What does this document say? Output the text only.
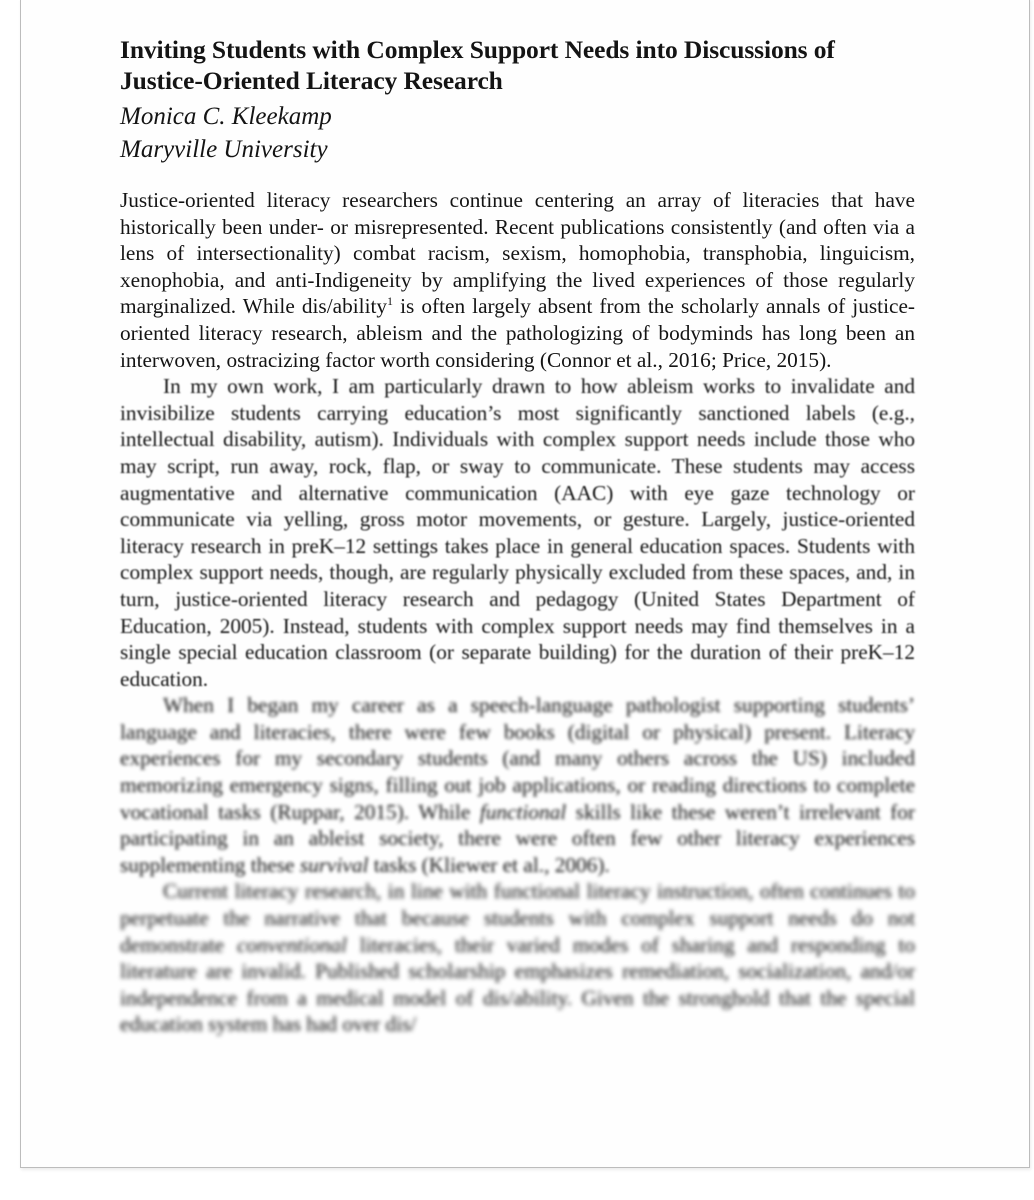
Inviting Students with Complex Support Needs into Discussions of Justice-Oriented Literacy Research

Monica C. Kleekamp

Maryville University

Justice-oriented literacy researchers continue centering an array of literacies that have historically been under- or misrepresented. Recent publications consistently (and often via a lens of intersectionality) combat racism, sexism, homophobia, transphobia, linguicism, xenophobia, and anti-Indigeneity by amplifying the lived experiences of those regularly marginalized. While dis/ability$^1$ is often largely absent from the scholarly annals of justice-oriented literacy research, ableism and the pathologizing of bodyminds has long been an interwoven, ostracizing factor worth considering (Connor et al., 2016; Price, 2015).

In my own work, I am particularly drawn to how ableism works to invalidate and invisibilize students carrying education’s most significantly sanctioned labels (e.g., intellectual disability, autism). Individuals with complex support needs include those who may script, run away, rock, flap, or sway to communicate. These students may access augmentative and alternative communication (AAC) with eye gaze technology or communicate via yelling, gross motor movements, or gesture. Largely, justice-oriented literacy research in preK–12 settings takes place in general education spaces. Students with complex support needs, though, are regularly physically excluded from these spaces, and, in turn, justice-oriented literacy research and pedagogy (United States Department of Education, 2005). Instead, students with complex support needs may find themselves in a single special education classroom (or separate building) for the duration of their preK–12 education.

When I began my career as a speech-language pathologist supporting students’ language and literacies, there were few books (digital or physical) present. Literacy experiences for my secondary students (and many others across the US) included memorizing emergency signs, filling out job applications, or reading directions to complete vocational tasks (Ruppar, 2015). While functional skills like these weren’t irrelevant for participating in an ableist society, there were often few other literacy experiences supplementing these survival tasks (Kliewer et al., 2006).

Current literacy research, in line with functional literacy instruction, often continues to perpetuate the narrative that because students with complex support needs do not demonstrate conventional literacies, their varied modes of sharing and responding to literature are invalid. Published scholarship emphasizes remediation, socialization, and/or independence from a medical model of dis/ability. Given the stronghold that the special education system has had over dis/
